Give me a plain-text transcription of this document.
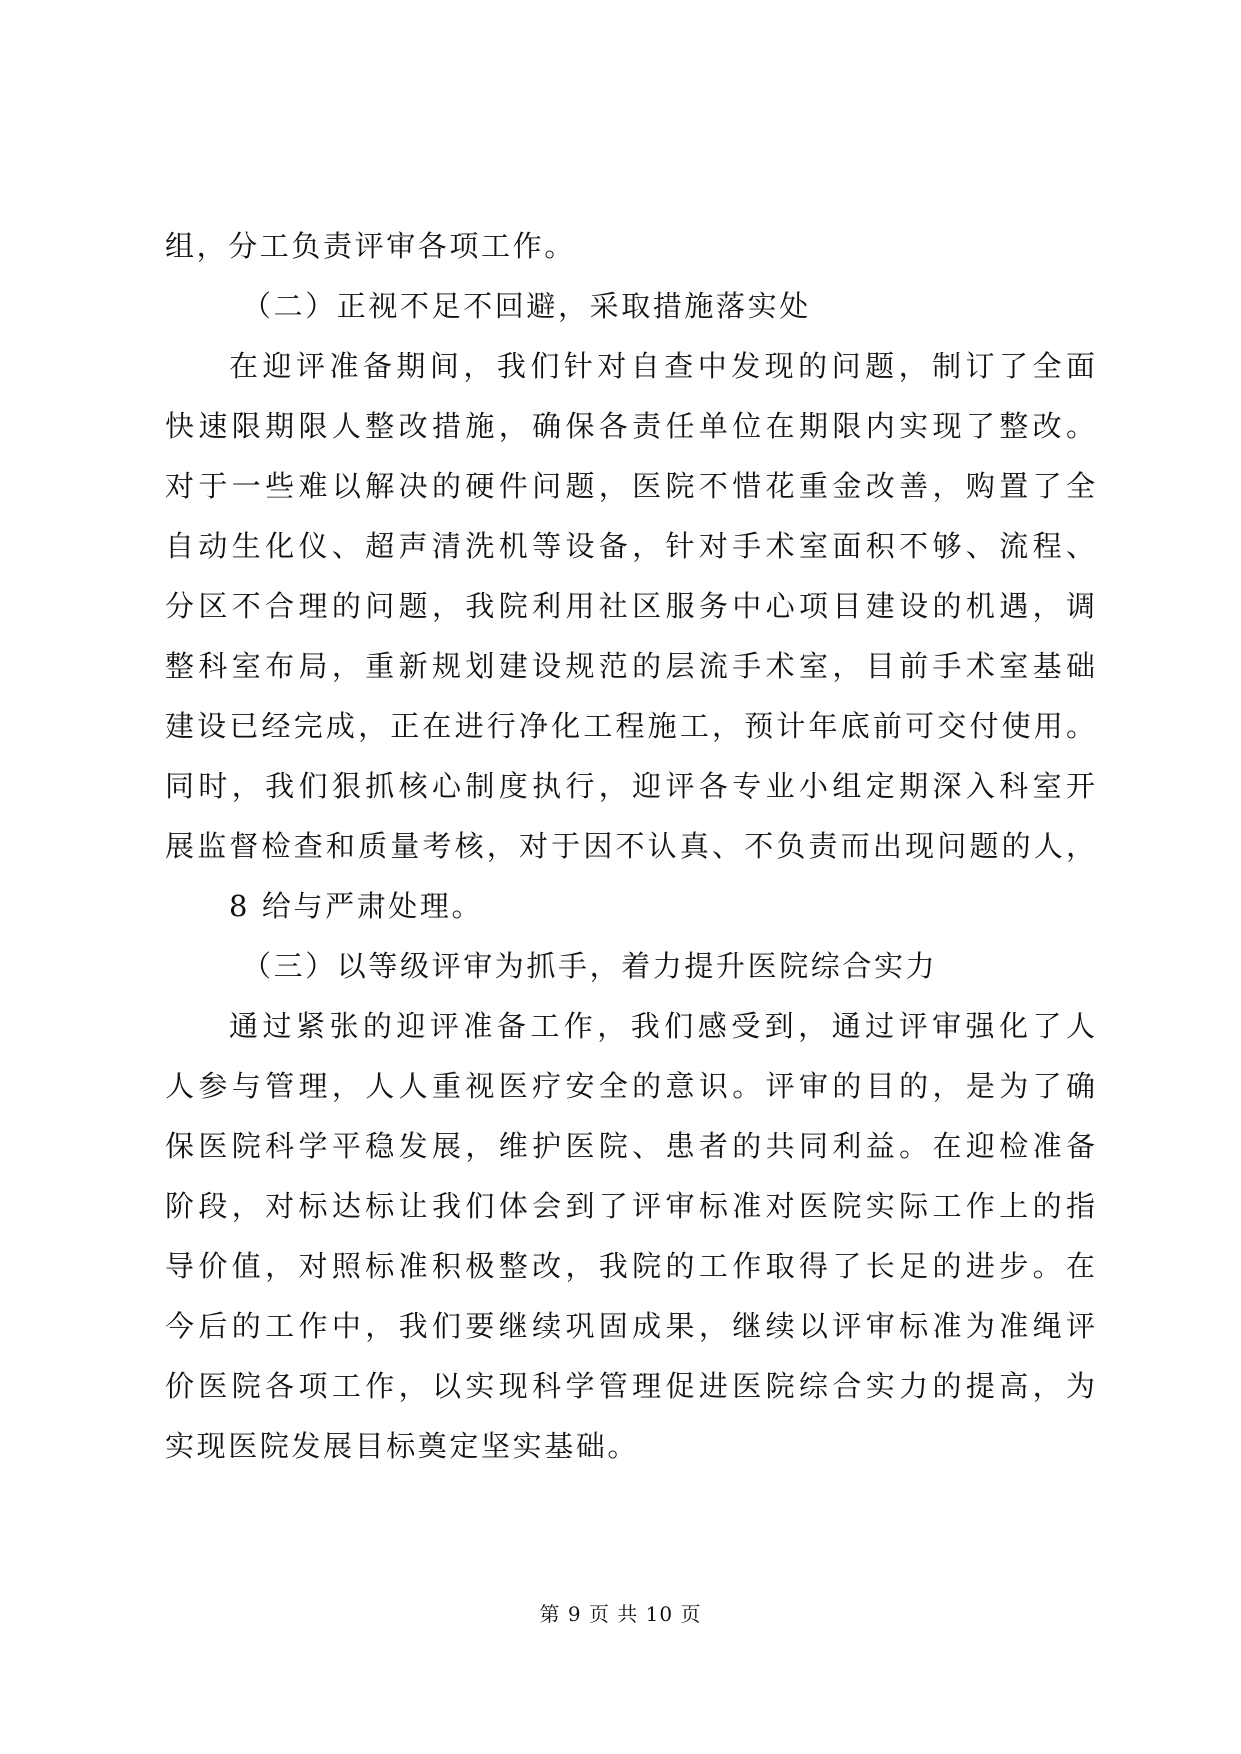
组，分工负责评审各项工作。
（二）正视不足不回避，采取措施落实处
在迎评准备期间，我们针对自查中发现的问题，制订了全面
快速限期限人整改措施，确保各责任单位在期限内实现了整改。
对于一些难以解决的硬件问题，医院不惜花重金改善，购置了全
自动生化仪、超声清洗机等设备，针对手术室面积不够、流程、
分区不合理的问题，我院利用社区服务中心项目建设的机遇，调
整科室布局，重新规划建设规范的层流手术室，目前手术室基础
建设已经完成，正在进行净化工程施工，预计年底前可交付使用。
同时，我们狠抓核心制度执行，迎评各专业小组定期深入科室开
展监督检查和质量考核，对于因不认真、不负责而出现问题的人，
8 给与严肃处理。
（三）以等级评审为抓手，着力提升医院综合实力
通过紧张的迎评准备工作，我们感受到，通过评审强化了人
人参与管理，人人重视医疗安全的意识。评审的目的，是为了确
保医院科学平稳发展，维护医院、患者的共同利益。在迎检准备
阶段，对标达标让我们体会到了评审标准对医院实际工作上的指
导价值，对照标准积极整改，我院的工作取得了长足的进步。在
今后的工作中，我们要继续巩固成果，继续以评审标准为准绳评
价医院各项工作，以实现科学管理促进医院综合实力的提高，为
实现医院发展目标奠定坚实基础。
第 9 页 共 10 页
